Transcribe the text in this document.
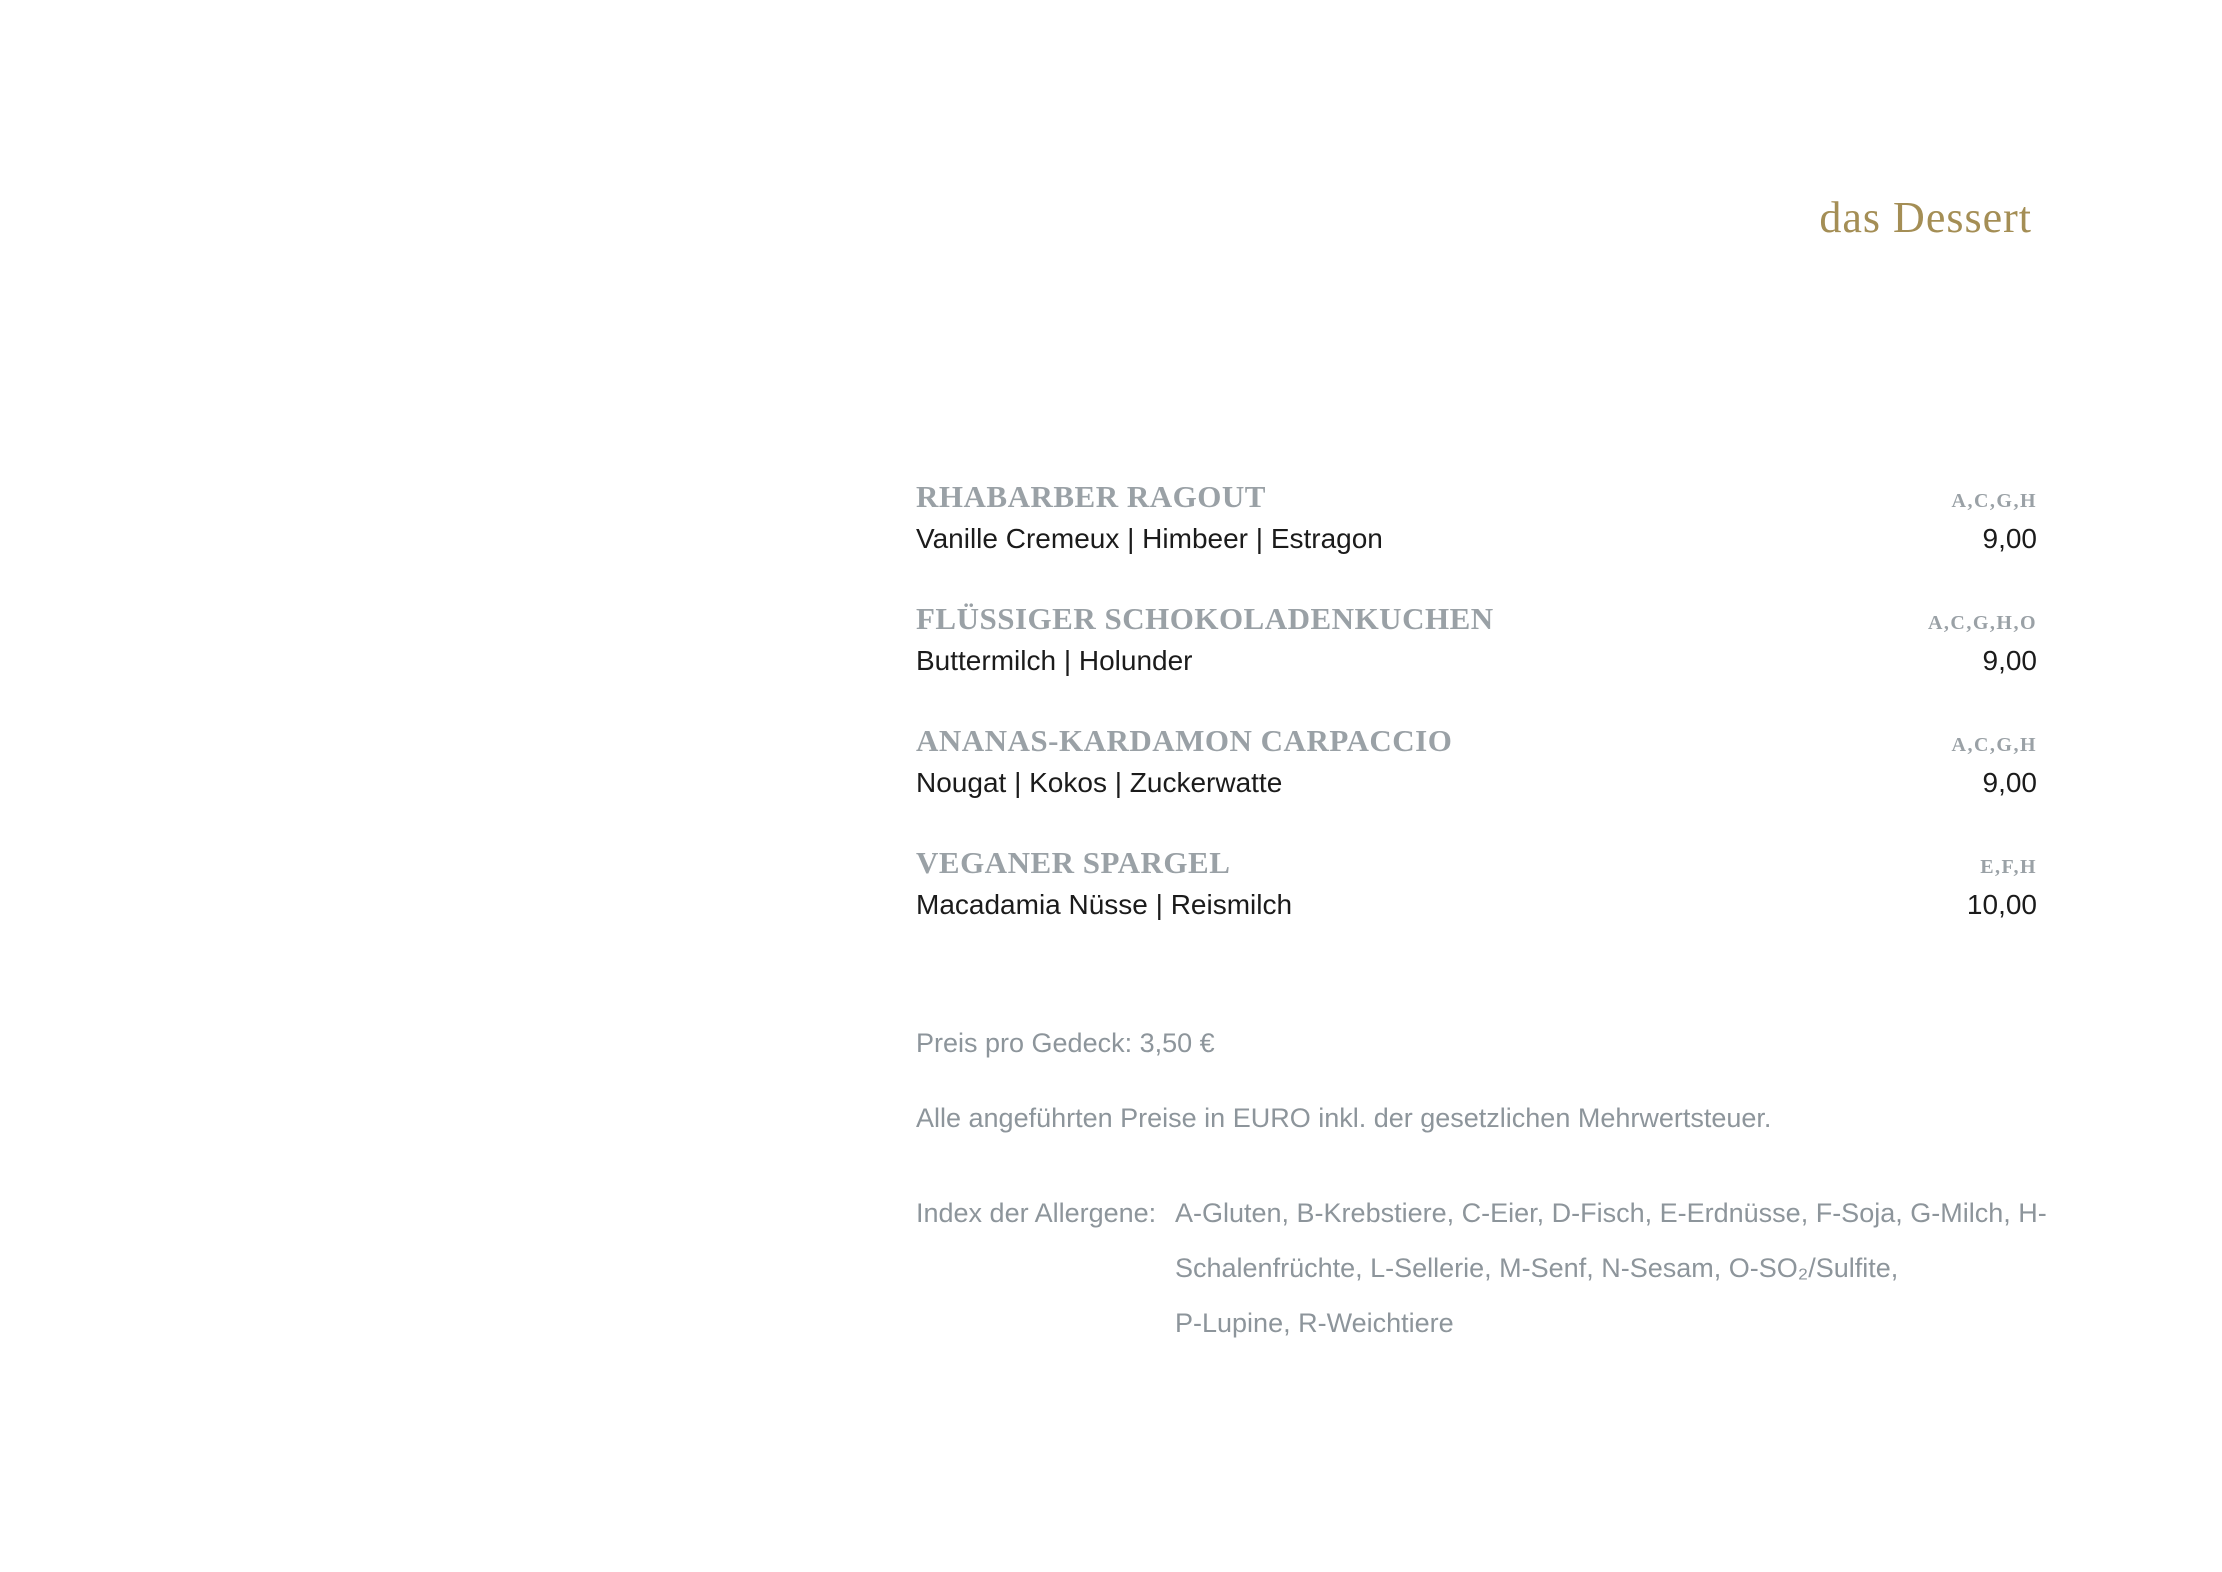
das Dessert
RHABARBER RAGOUT	A,C,G,H
Vanille Cremeux | Himbeer | Estragon	9,00
FLÜSSIGER SCHOKOLADENKUCHEN	A,C,G,H,O
Buttermilch | Holunder	9,00
ANANAS-KARDAMON CARPACCIO	A,C,G,H
Nougat | Kokos | Zuckerwatte	9,00
VEGANER SPARGEL	E,F,H
Macadamia Nüsse | Reismilch	10,00
Preis pro Gedeck: 3,50 €
Alle angeführten Preise in EURO inkl. der gesetzlichen Mehrwertsteuer.
Index der Allergene: A-Gluten, B-Krebstiere, C-Eier, D-Fisch, E-Erdnüsse, F-Soja, G-Milch, H-
Schalenfrüchte, L-Sellerie, M-Senf, N-Sesam, O-SO₂/Sulfite,
P-Lupine, R-Weichtiere
